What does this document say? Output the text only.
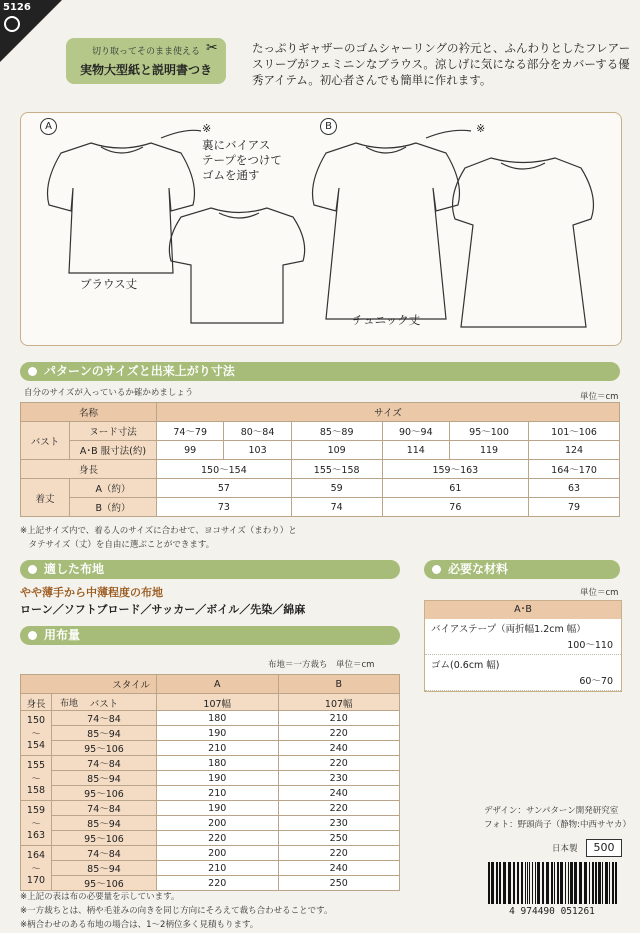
5126
切り取ってそのまま使える
実物大型紙と説明書つき
✂	たっぷりギャザーのゴムシャーリングの衿元と、ふんわりとしたフレアースリーブがフェミニンなブラウス。涼しげに気になる部分をカバーする優秀アイテム。初心者さんでも簡単に作れます。
A	B
※	※
裏にバイアス
テープをつけて
ゴムを通す
ブラウス丈
チュニック丈
パターンのサイズと出来上がり寸法
自分のサイズが入っているか確かめましょう	単位＝cm
名称		サイズ					
バスト	ヌード寸法	74〜79	80〜84	85〜89	90〜94	95〜100	101〜106
	A･B 服寸法(約)	99	103	109	114	119	124
身長		150〜154		155〜158	159〜163		164〜170
着丈	A（約）	57		59	61		63
	B（約）	73		74	76		79
※上記サイズ内で、着る人のサイズに合わせて、ヨコサイズ（まわり）と
　タテサイズ（丈）を自由に選ぶことができます。
適した布地
やや薄手から中薄程度の布地
ローン／ソフトブロード／サッカー／ボイル／先染／綿麻
必要な材料
単位＝cm
A･B
バイアステープ（両折幅1.2cm 幅）
100〜110
ゴム(0.6cm 幅)
60〜70
用布量
布地＝一方裁ち　単位＝cm
スタイル		A	B
身長	バスト	107幅	107幅
布地
150
〜
154	74〜84	180	210
	85〜94	190	220
	95〜106	210	240

155
〜
158	74〜84	180	220
	85〜94	190	230
	95〜106	210	240

159
〜
163	74〜84	190	220
	85〜94	200	230
	95〜106	220	250

164
〜
170	74〜84	200	220
	85〜94	210	240
	95〜106	220	250
※上記の表は布の必要量を示しています。
※一方裁ちとは、柄や毛並みの向きを同じ方向にそろえて裁ち合わせることです。
※柄合わせのある布地の場合は、1〜2柄位多く見積もります。
デザイン：サンパターン開発研究室
フォト：野頭尚子（静物:中西サヤカ）
日本製	500
4 974490 051261
